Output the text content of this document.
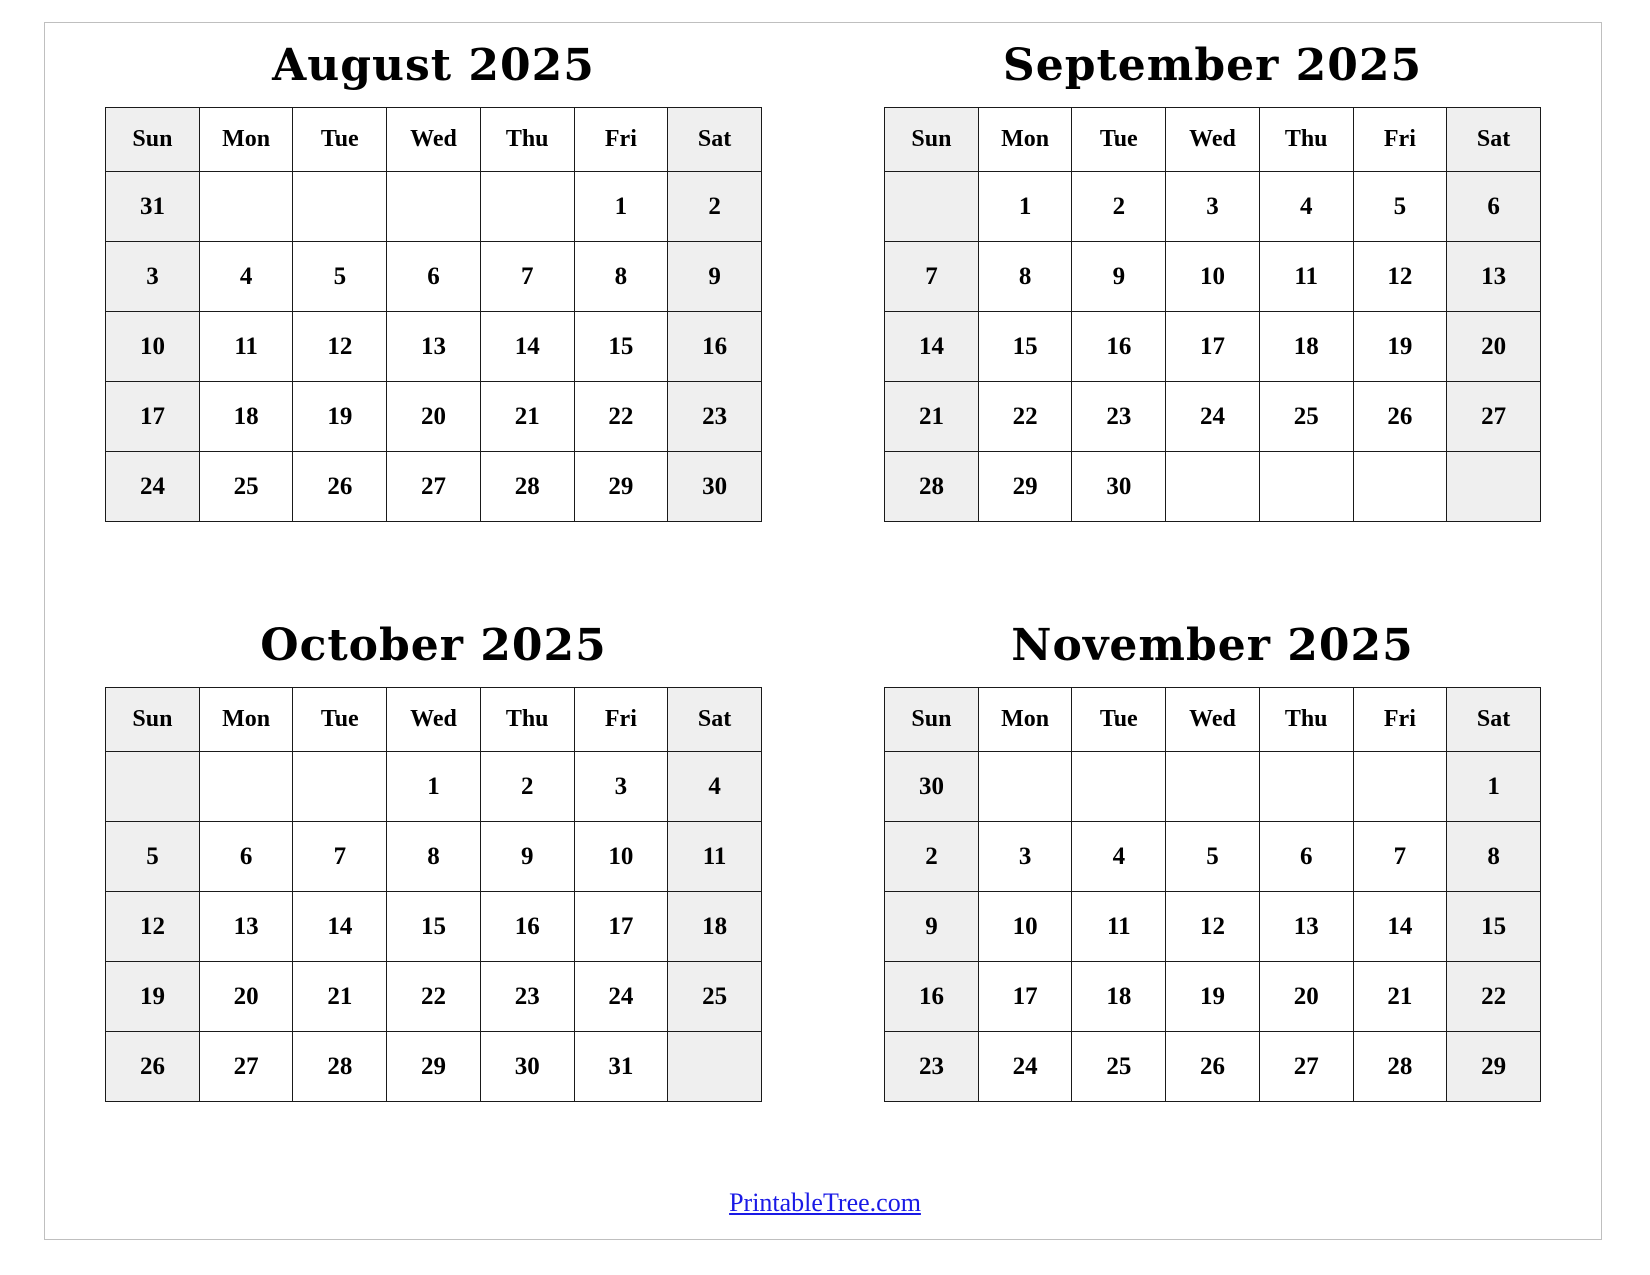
August 2025
Sun	Mon	Tue	Wed	Thu	Fri	Sat
31					1	2
3	4	5	6	7	8	9
10	11	12	13	14	15	16
17	18	19	20	21	22	23
24	25	26	27	28	29	30
September 2025
Sun	Mon	Tue	Wed	Thu	Fri	Sat
	1	2	3	4	5	6
7	8	9	10	11	12	13
14	15	16	17	18	19	20
21	22	23	24	25	26	27
28	29	30				
October 2025
Sun	Mon	Tue	Wed	Thu	Fri	Sat
			1	2	3	4
5	6	7	8	9	10	11
12	13	14	15	16	17	18
19	20	21	22	23	24	25
26	27	28	29	30	31	
November 2025
Sun	Mon	Tue	Wed	Thu	Fri	Sat
30						1
2	3	4	5	6	7	8
9	10	11	12	13	14	15
16	17	18	19	20	21	22
23	24	25	26	27	28	29
PrintableTree.com
